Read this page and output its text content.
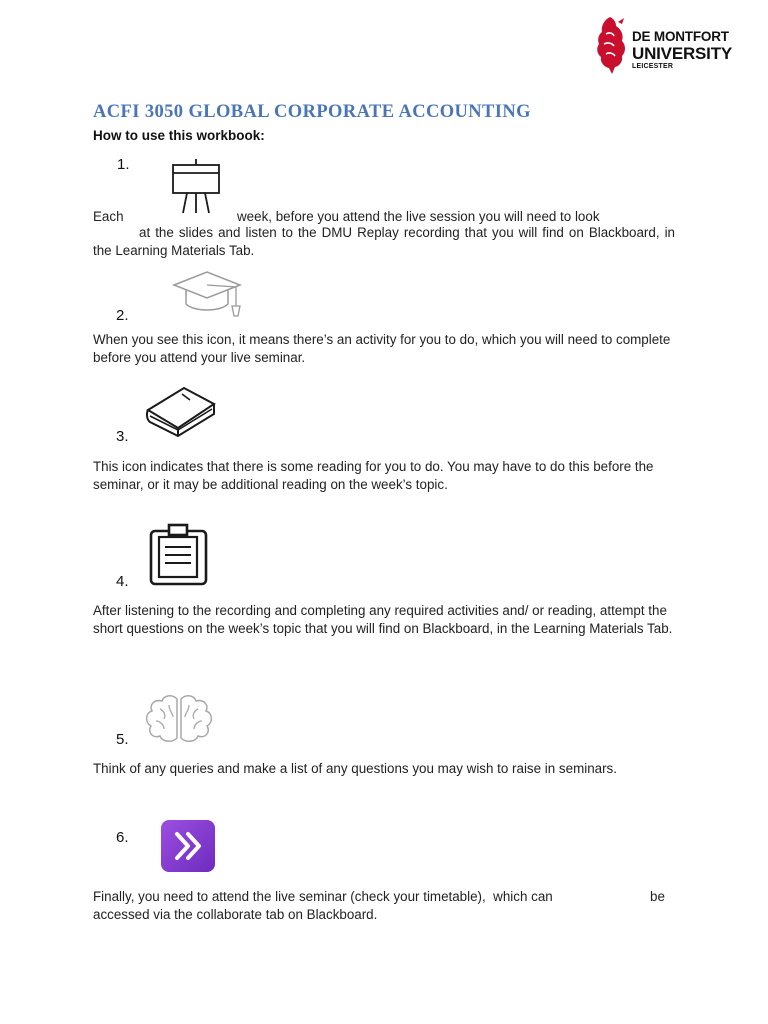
DE MONTFORT
UNIVERSITY
LEICESTER
ACFI 3050 GLOBAL CORPORATE ACCOUNTING
How to use this workbook:
1.
Each	week, before you attend the live session you will need to look

at the slides and listen to the DMU Replay recording that you will find on Blackboard, in the Learning Materials Tab.

2.

When you see this icon, it means there’s an activity for you to do, which you will need to complete before you attend your live seminar.

3.

This icon indicates that there is some reading for you to do. You may have to do this before the seminar, or it may be additional reading on the week’s topic.

4.

After listening to the recording and completing any required activities and/ or reading, attempt the short questions on the week’s topic that you will find on Blackboard, in the Learning Materials Tab.

5.

Think of any queries and make a list of any questions you may wish to raise in seminars.

6.
Finally, you need to attend the live seminar (check your timetable),  which can	be

accessed via the collaborate tab on Blackboard.
